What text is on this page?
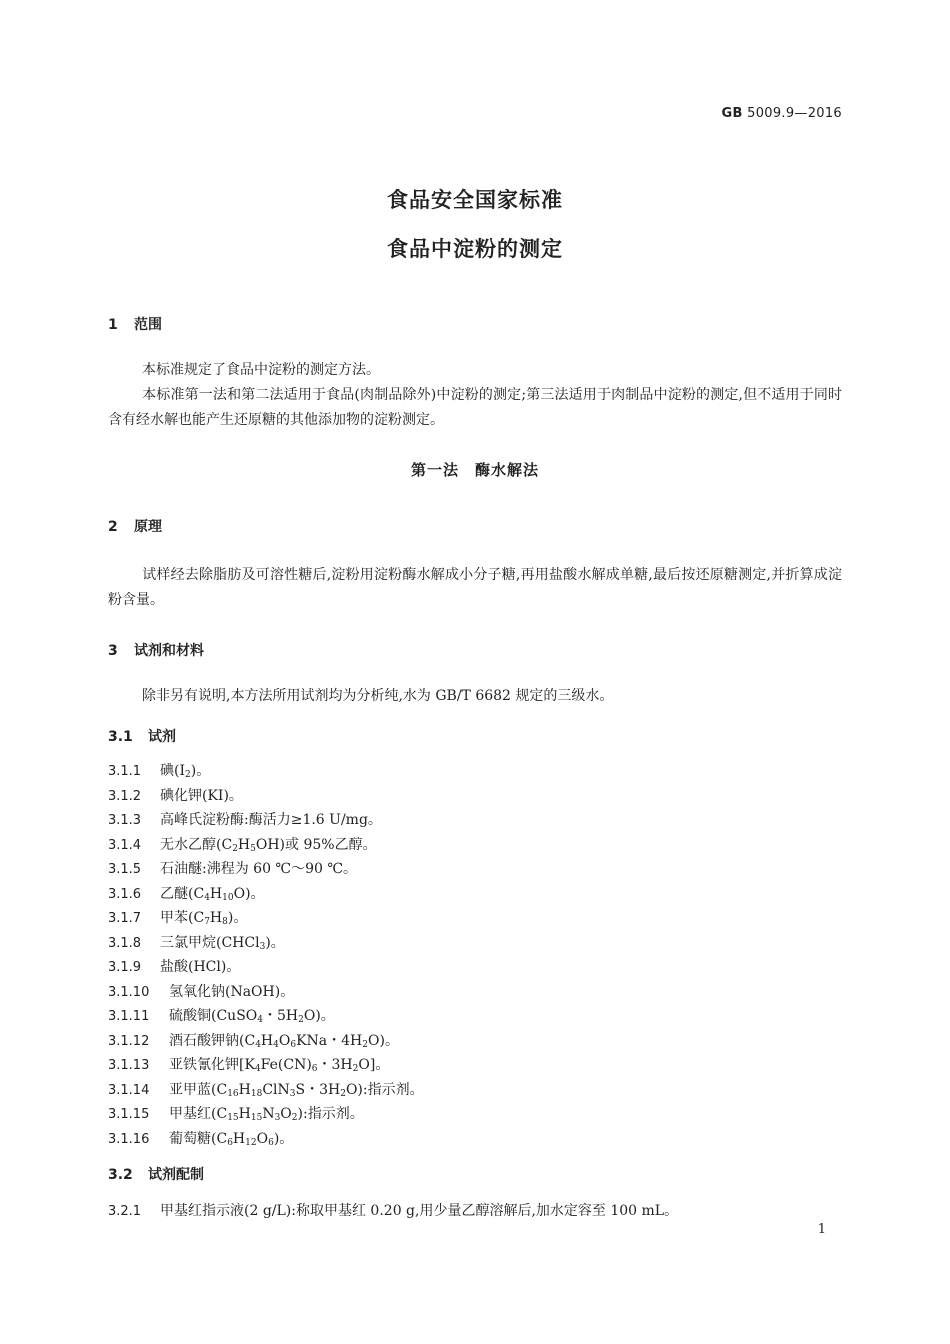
GB 5009.9—2016
食品安全国家标准
食品中淀粉的测定
1 范围
本标准规定了食品中淀粉的测定方法。
本标准第一法和第二法适用于食品(肉制品除外)中淀粉的测定;第三法适用于肉制品中淀粉的测定,但不适用于同时含有经水解也能产生还原糖的其他添加物的淀粉测定。
第一法　酶水解法
2 原理
试样经去除脂肪及可溶性糖后,淀粉用淀粉酶水解成小分子糖,再用盐酸水解成单糖,最后按还原糖测定,并折算成淀粉含量。
3 试剂和材料
除非另有说明,本方法所用试剂均为分析纯,水为 GB/T 6682 规定的三级水。
3.1 试剂
3.1.1 碘$(I_2)$。
3.1.2 碘化钾(KI)。
3.1.3 高峰氏淀粉酶:酶活力≥1.6 U/mg。
3.1.4 无水乙醇$(C_2H_5OH)$或 95%乙醇。
3.1.5 石油醚:沸程为 60 ℃～90 ℃。
3.1.6 乙醚$(C_4H_{10}O)$。
3.1.7 甲苯$(C_7H_8)$。
3.1.8 三氯甲烷(CHCl$_3$)。
3.1.9 盐酸(HCl)。
3.1.10 氢氧化钠(NaOH)。
3.1.11 硫酸铜(CuSO$_4$・$5H_2O$)。
3.1.12 酒石酸钾钠($C_4H_4O_6KNa$・$4H_2O$)。
3.1.13 亚铁氰化钾[$K_4Fe(CN)_6$・$3H_2O$]。
3.1.14 亚甲蓝($C_{16}H_{18}ClN_3S$・$3H_2O$):指示剂。
3.1.15 甲基红$(C_{15}H_{15}N_3O_2)$:指示剂。
3.1.16 葡萄糖$(C_6H_{12}O_6)$。
3.2 试剂配制
3.2.1 甲基红指示液(2 g/L):称取甲基红 0.20 g,用少量乙醇溶解后,加水定容至 100 mL。
1
